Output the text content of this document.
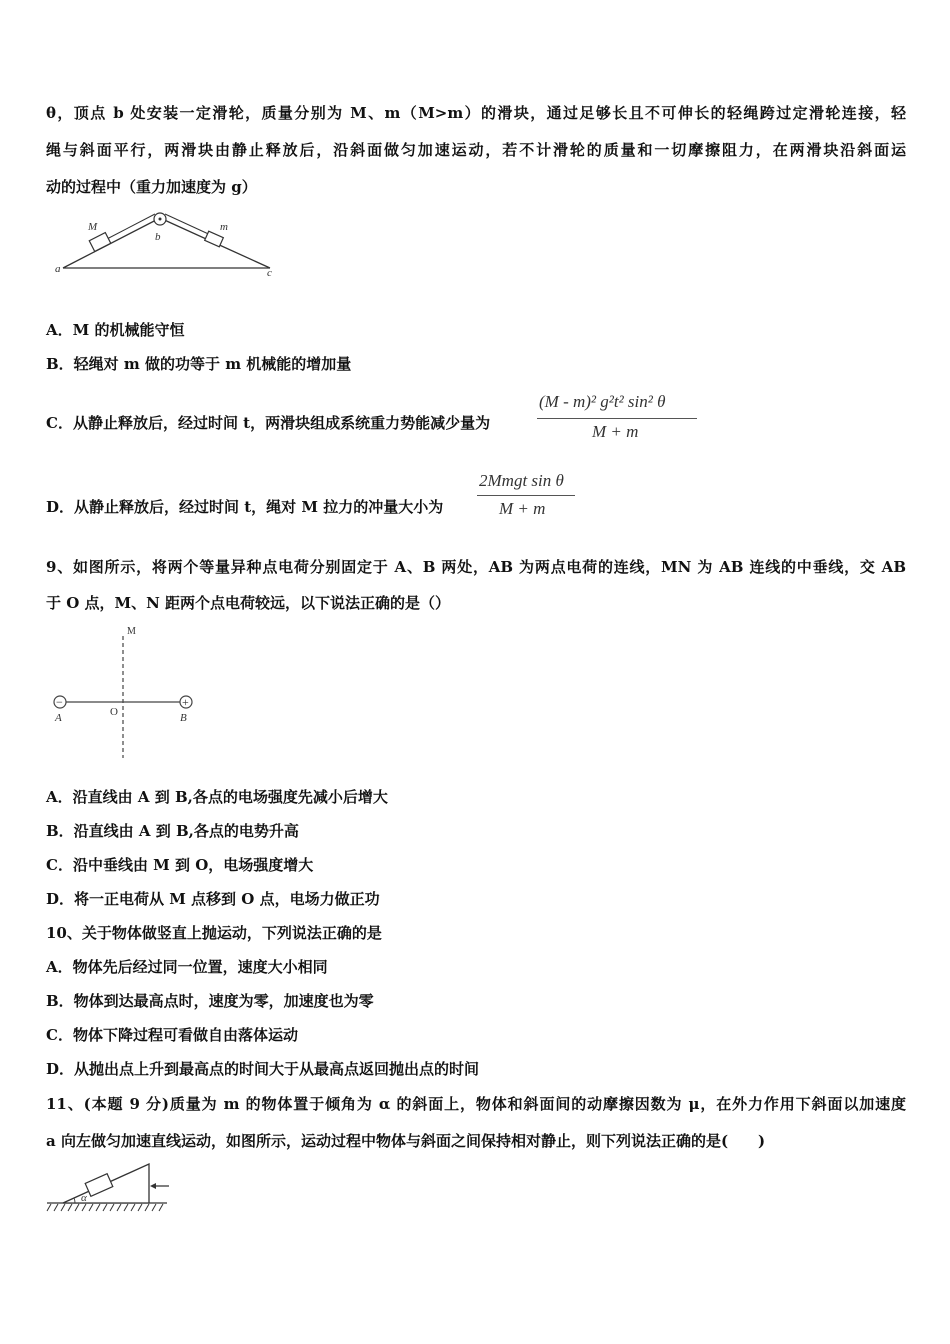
θ，顶点 b 处安装一定滑轮，质量分别为 M、m（M>m）的滑块，通过足够长且不可伸长的轻绳跨过定滑轮连接，轻
绳与斜面平行，两滑块由静止释放后，沿斜面做匀加速运动，若不计滑轮的质量和一切摩擦阻力，在两滑块沿斜面运
动的过程中（重力加速度为 g）
M	m
b
a	c
A．M 的机械能守恒
B．轻绳对 m 做的功等于 m 机械能的增加量
C．从静止释放后，经过时间 t，两滑块组成系统重力势能减少量为
(M - m)² g²t² sin² θ
M + m
D．从静止释放后，经过时间 t，绳对 M 拉力的冲量大小为
2Mmgt sin θ
M + m
9、如图所示，将两个等量异种点电荷分别固定于 A、B 两处，AB 为两点电荷的连线，MN 为 AB 连线的中垂线，交 AB
于 O 点，M、N 距两个点电荷较远，以下说法正确的是（）
−	+
M
A	O	B
A．沿直线由 A 到 B,各点的电场强度先减小后增大
B．沿直线由 A 到 B,各点的电势升高
C．沿中垂线由 M 到 O，电场强度增大
D．将一正电荷从 M 点移到 O 点，电场力做正功
10、关于物体做竖直上抛运动，下列说法正确的是
A．物体先后经过同一位置，速度大小相同
B．物体到达最高点时，速度为零，加速度也为零
C．物体下降过程可看做自由落体运动
D．从抛出点上升到最高点的时间大于从最高点返回抛出点的时间
11、(本题 9 分)质量为 m 的物体置于倾角为 α 的斜面上，物体和斜面间的动摩擦因数为 μ，在外力作用下斜面以加速度
a 向左做匀加速直线运动，如图所示，运动过程中物体与斜面之间保持相对静止，则下列说法正确的是(　　)
α
